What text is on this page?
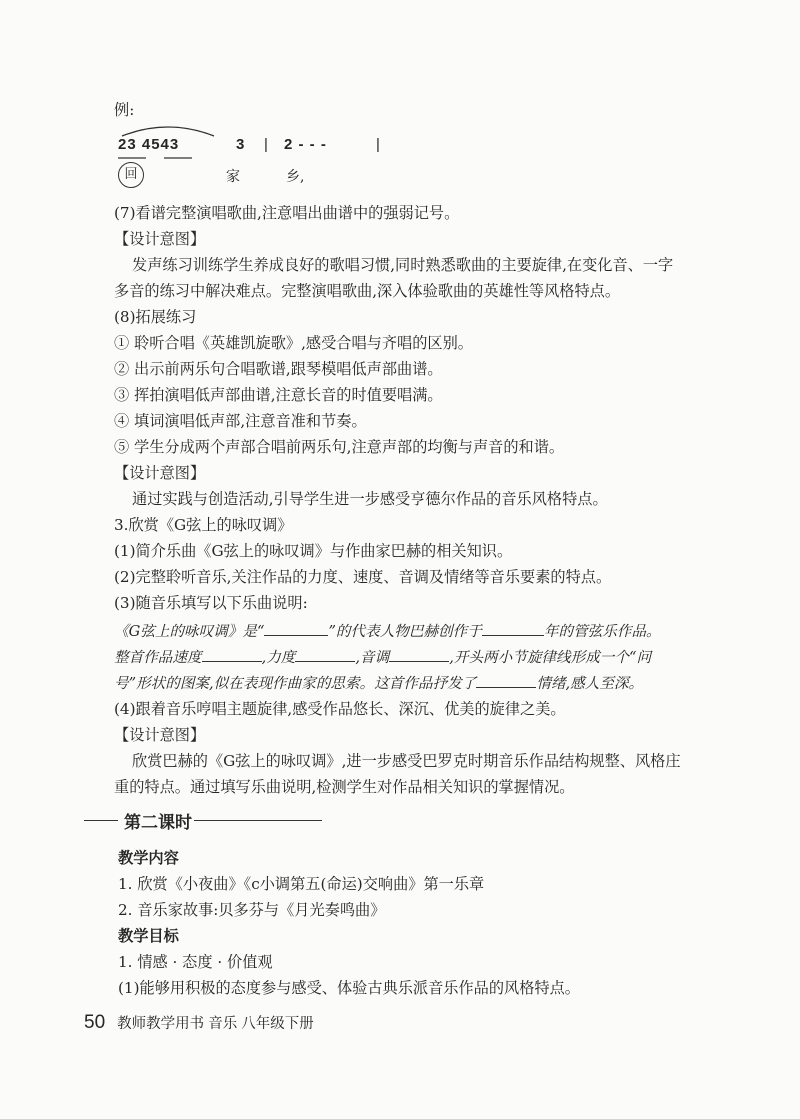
例:
23 4543	3 | 2 - - -	|
回	家	乡,
(7)看谱完整演唱歌曲,注意唱出曲谱中的强弱记号。
【设计意图】
发声练习训练学生养成良好的歌唱习惯,同时熟悉歌曲的主要旋律,在变化音、一字
多音的练习中解决难点。完整演唱歌曲,深入体验歌曲的英雄性等风格特点。
(8)拓展练习
① 聆听合唱《英雄凯旋歌》,感受合唱与齐唱的区别。
② 出示前两乐句合唱歌谱,跟琴模唱低声部曲谱。
③ 挥拍演唱低声部曲谱,注意长音的时值要唱满。
④ 填词演唱低声部,注意音准和节奏。
⑤ 学生分成两个声部合唱前两乐句,注意声部的均衡与声音的和谐。
【设计意图】
通过实践与创造活动,引导学生进一步感受亨德尔作品的音乐风格特点。
3.欣赏《G弦上的咏叹调》
(1)简介乐曲《G弦上的咏叹调》与作曲家巴赫的相关知识。
(2)完整聆听音乐,关注作品的力度、速度、音调及情绪等音乐要素的特点。
(3)随音乐填写以下乐曲说明:
《G弦上的咏叹调》是“	”的代表人物巴赫创作于	年的管弦乐作品。
整首作品速度	,力度	,音调	,开头两小节旋律线形成一个“问
号”形状的图案,似在表现作曲家的思索。这首作品抒发了	情绪,感人至深。
(4)跟着音乐哼唱主题旋律,感受作品悠长、深沉、优美的旋律之美。
【设计意图】
欣赏巴赫的《G弦上的咏叹调》,进一步感受巴罗克时期音乐作品结构规整、风格庄
重的特点。通过填写乐曲说明,检测学生对作品相关知识的掌握情况。
第二课时
教学内容
1. 欣赏《小夜曲》《c小调第五(命运)交响曲》第一乐章
2. 音乐家故事:贝多芬与《月光奏鸣曲》
教学目标
1. 情感 · 态度 · 价值观
(1)能够用积极的态度参与感受、体验古典乐派音乐作品的风格特点。
50 教师教学用书 音乐 八年级下册
